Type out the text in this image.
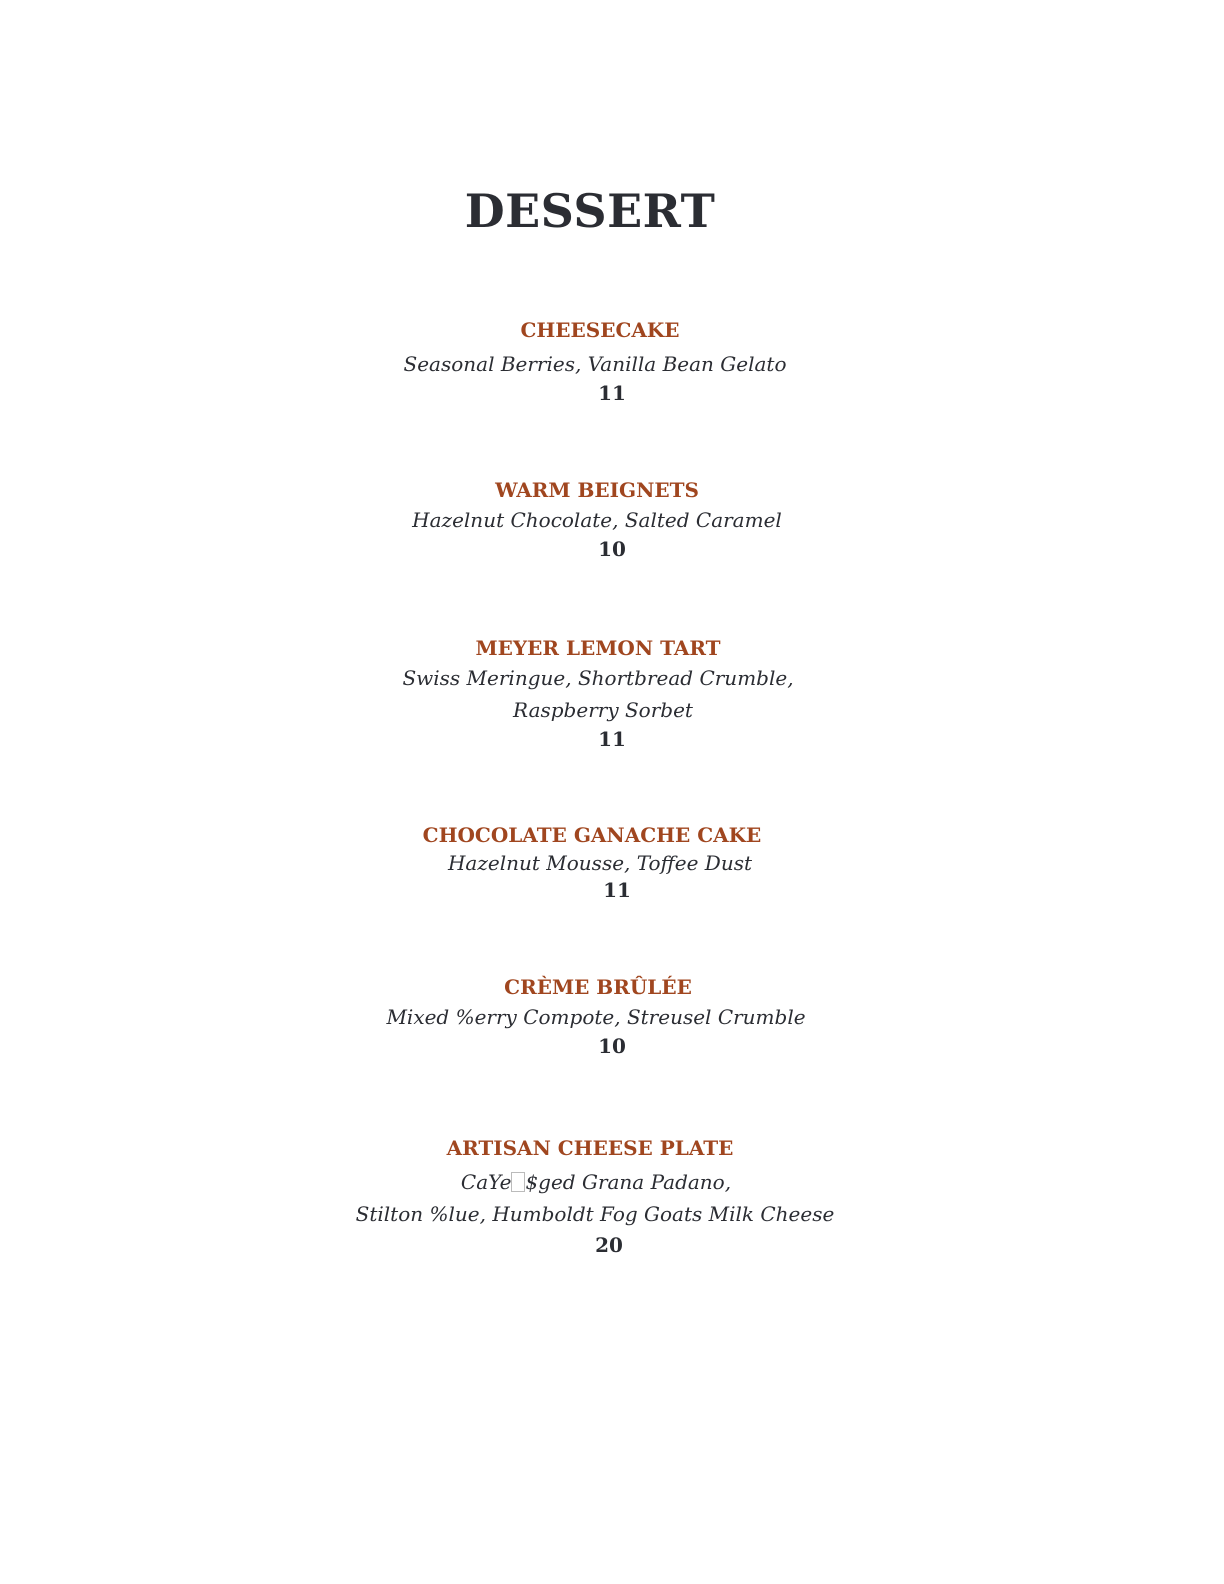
DESSERT
CHEESECAKE
Seasonal Berries, Vanilla Bean Gelato
11
WARM BEIGNETS
Hazelnut Chocolate, Salted Caramel
10
MEYER LEMON TART
Swiss Meringue, Shortbread Crumble,
Raspberry Sorbet
11
CHOCOLATE GANACHE CAKE
Hazelnut Mousse, Toffee Dust
11
CRÈME BRÛLÉE
Mixed %erry Compote, Streusel Crumble
10
ARTISAN CHEESE PLATE
CaYe $ged Grana Padano,
Stilton %lue, Humboldt Fog Goats Milk Cheese
20
